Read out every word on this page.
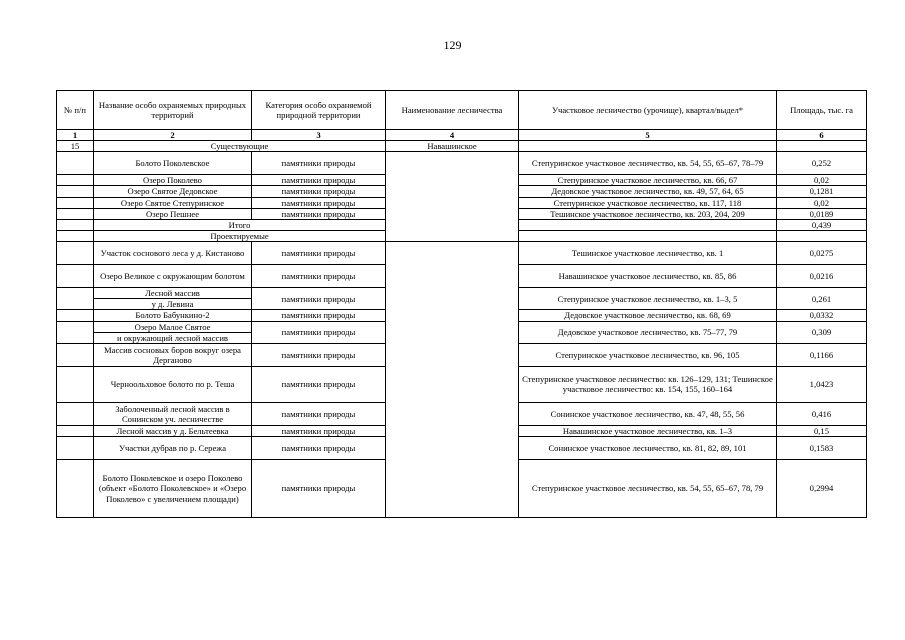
129
№ п/п	Название особо охраняемых природных территорий	Категория особо охраняемой природной территории	Наименование лесничества	Участковое лесничество (урочище), квартал/выдел*	Площадь, тыс. га
1	2	3	4	5	6
15	Существующие		Навашинское		
	Болото Поколевское	памятники природы		Степуринское участковое лесничество, кв. 54, 55, 65–67, 78–79	0,252
	Озеро Поколево	памятники природы		Степуринское участковое лесничество, кв. 66, 67	0,02
	Озеро Святое Дедовское	памятники природы		Дедовское участковое лесничество, кв. 49, 57, 64, 65	0,1281
	Озеро Святое Степуринское	памятники природы		Степуринское участковое лесничество, кв. 117, 118	0,02
	Озеро Пешнее	памятники природы		Тешинское участковое лесничество, кв. 203, 204, 209	0,0189
	Итого				0,439
	Проектируемые				
	Участок соснового леса у д. Кистаново	памятники природы		Тешинское участковое лесничество, кв. 1	0,0275
	Озеро Великое с окружающим болотом	памятники природы		Навашинское участковое лесничество, кв. 85, 86	0,0216
	Лесной массив	памятники природы		Степуринское участковое лесничество, кв. 1–3, 5	0,261
	у д. Левина				
	Болото Бабункино-2	памятники природы		Дедовское участковое лесничество, кв. 68, 69	0,0332
	Озеро Малое Святое	памятники природы		Дедовское участковое лесничество, кв. 75–77, 79	0,309
	и окружающий лесной массив				
	Массив сосновых боров вокруг озера Дерганово	памятники природы		Степуринское участковое лесничество, кв. 96, 105	0,1166
	Черноольховое болото по р. Теша	памятники природы		Степуринское участковое лесничество: кв. 126–129, 131; Тешинское участковое лесничество: кв. 154, 155, 160–164	1,0423
	Заболоченный лесной массив в Сонинском уч. лесничестве	памятники природы		Сонинское участковое лесничество, кв. 47, 48, 55, 56	0,416
	Лесной массив у д. Бельтеевка	памятники природы		Навашинское участковое лесничество, кв. 1–3	0,15
	Участки дубрав по р. Сережа	памятники природы		Сонинское участковое лесничество, кв. 81, 82, 89, 101	0,1583
	Болото Поколевское и озеро Поколево (объект «Болото Поколевское» и «Озеро Поколево» с увеличением площади)	памятники природы		Степуринское участковое лесничество, кв. 54, 55, 65–67, 78, 79	0,2994
